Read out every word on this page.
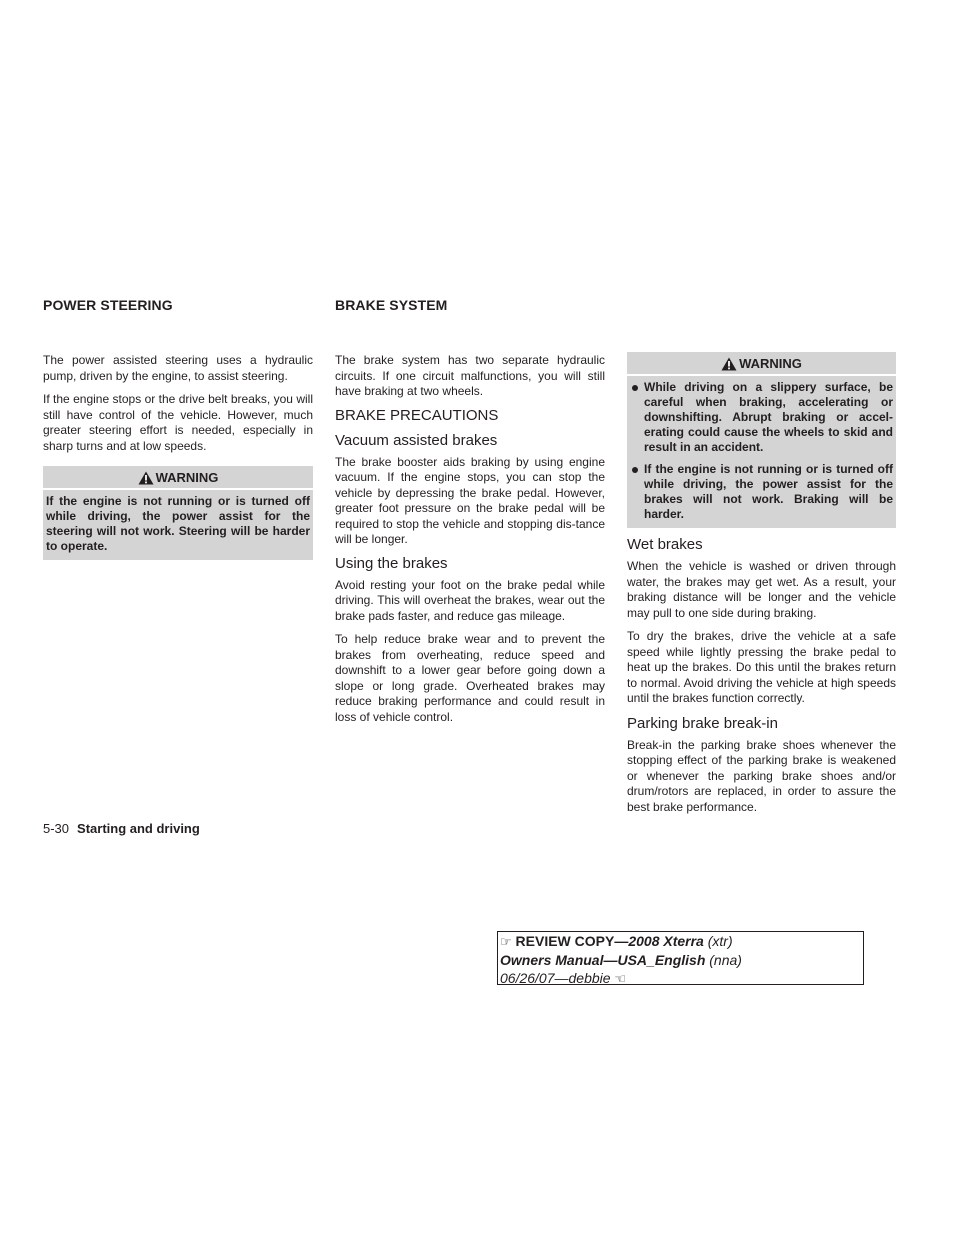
POWER STEERING

The power assisted steering uses a hydraulic pump, driven by the engine, to assist steering.

If the engine stops or the drive belt breaks, you will still have control of the vehicle. However, much greater steering effort is needed, especially in sharp turns and at low speeds.

WARNING
If the engine is not running or is turned off while driving, the power assist for the steering will not work. Steering will be harder to operate.
BRAKE SYSTEM

The brake system has two separate hydraulic circuits. If one circuit malfunctions, you will still have braking at two wheels.

BRAKE PRECAUTIONS
Vacuum assisted brakes

The brake booster aids braking by using engine vacuum. If the engine stops, you can stop the vehicle by depressing the brake pedal. However, greater foot pressure on the brake pedal will be required to stop the vehicle and stopping dis-tance will be longer.

Using the brakes

Avoid resting your foot on the brake pedal while driving. This will overheat the brakes, wear out the brake pads faster, and reduce gas mileage.

To help reduce brake wear and to prevent the brakes from overheating, reduce speed and downshift to a lower gear before going down a slope or long grade. Overheated brakes may reduce braking performance and could result in loss of vehicle control.

WARNING
While driving on a slippery surface, be careful when braking, accelerating or downshifting. Abrupt braking or accel-erating could cause the wheels to skid and result in an accident.
If the engine is not running or is turned off while driving, the power assist for the brakes will not work. Braking will be harder.
Wet brakes

When the vehicle is washed or driven through water, the brakes may get wet. As a result, your braking distance will be longer and the vehicle may pull to one side during braking.

To dry the brakes, drive the vehicle at a safe speed while lightly pressing the brake pedal to heat up the brakes. Do this until the brakes return to normal. Avoid driving the vehicle at high speeds until the brakes function correctly.

Parking brake break-in

Break-in the parking brake shoes whenever the stopping effect of the parking brake is weakened or whenever the parking brake shoes and/or drum/rotors are replaced, in order to assure the best brake performance.

5-30 Starting and driving
☞ REVIEW COPY—2008 Xterra (xtr)
Owners Manual—USA_English (nna)
06/26/07—debbie ☜
